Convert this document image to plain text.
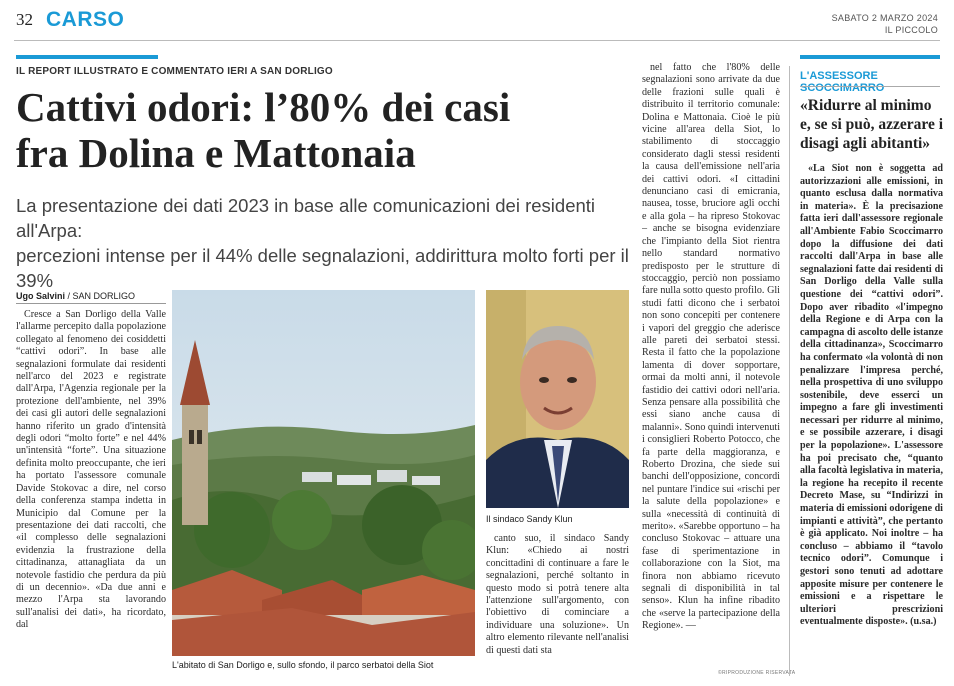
32 CARSO	SABATO 2 MARZO 2024
IL PICCOLO
IL REPORT ILLUSTRATO E COMMENTATO IERI A SAN DORLIGO
Cattivi odori: l’80% dei casi
fra Dolina e Mattonaia
La presentazione dei dati 2023 in base alle comunicazioni dei residenti all'Arpa:
percezioni intense per il 44% delle segnalazioni, addirittura molto forti per il 39%
Ugo Salvini / SAN DORLIGO

Cresce a San Dorligo della Valle l'allarme percepito dalla popolazione collegato al fenomeno dei cosiddetti “cattivi odori”. In base alle segnalazioni formulate dai residenti nell'arco del 2023 e registrate dall'Arpa, l'Agenzia regionale per la protezione dell'ambiente, nel 39% dei casi gli autori delle segnalazioni hanno riferito un grado d'intensità degli odori “molto forte” e nel 44% un'intensità “forte”. Una situazione definita molto preoccupante, che ieri ha portato l'assessore comunale Davide Stokovac a dire, nel corso della conferenza stampa indetta in Municipio dal Comune per la presentazione dei dati raccolti, che «il complesso delle segnalazioni evidenzia la frustrazione della cittadinanza, attanagliata da un notevole fastidio che perdura da più di un decennio». «Da due anni e mezzo l'Arpa sta lavorando sull'analisi dei dati», ha ricordato, dal

L'abitato di San Dorligo e, sullo sfondo, il parco serbatoi della Siot
Il sindaco Sandy Klun

canto suo, il sindaco Sandy Klun: «Chiedo ai nostri concittadini di continuare a fare le segnalazioni, perché soltanto in questo modo si potrà tenere alta l'attenzione sull'argomento, con l'obiettivo di cominciare a individuare una soluzione». Un altro elemento rilevante nell'analisi di questi dati sta

nel fatto che l'80% delle segnalazioni sono arrivate da due delle frazioni sulle quali è distribuito il territorio comunale: Dolina e Mattonaia. Cioè le più vicine all'area della Siot, lo stabilimento di stoccaggio considerato dagli stessi residenti la causa dell'emissione nell'aria dei cattivi odori. «I cittadini denunciano casi di emicrania, nausea, tosse, bruciore agli occhi e alla gola – ha ripreso Stokovac – anche se bisogna evidenziare che l'impianto della Siot rientra nello standard normativo predisposto per le strutture di stoccaggio, perciò non possiamo fare nulla sotto questo profilo. Gli studi fatti dicono che i serbatoi non sono concepiti per contenere i vapori del greggio che aderisce alle pareti dei serbatoi stessi. Resta il fatto che la popolazione lamenta di dover sopportare, ormai da molti anni, il notevole fastidio dei cattivi odori nell'aria. Senza pensare alla possibilità che essi siano anche causa di malanni». Sono quindi intervenuti i consiglieri Roberto Potocco, che fa parte della maggioranza, e Roberto Drozina, che siede sui banchi dell'opposizione, concordi nel puntare l'indice sui «rischi per la salute della popolazione» e sulla «necessità di continuità di merito». «Sarebbe opportuno – ha concluso Stokovac – attuare una fase di sperimentazione in collaborazione con la Siot, ma finora non abbiamo ricevuto segnali di disponibilità in tal senso». Klun ha infine ribadito che «serve la partecipazione della Regione». —

©RIPRODUZIONE RISERVATA
L'ASSESSORE SCOCCIMARRO
«Ridurre al minimo e, se si può, azzerare i disagi agli abitanti»

«La Siot non è soggetta ad autorizzazioni alle emissioni, in quanto esclusa dalla normativa in materia». È la precisazione fatta ieri dall'assessore regionale all'Ambiente Fabio Scoccimarro dopo la diffusione dei dati raccolti dall'Arpa in base alle segnalazioni fatte dai residenti di San Dorligo della Valle sulla questione dei “cattivi odori”. Dopo aver ribadito «l'impegno della Regione e di Arpa con la campagna di ascolto delle istanze della cittadinanza», Scoccimarro ha confermato «la volontà di non penalizzare l'impresa perché, nella prospettiva di uno sviluppo sostenibile, deve esserci un impegno a fare gli investimenti necessari per ridurre al minimo, e se possibile azzerare, i disagi per la popolazione». L'assessore ha poi precisato che, “quanto alla facoltà legislativa in materia, la regione ha recepito il recente Decreto Mase, su “Indirizzi in materia di emissioni odorigene di impianti e attività”, che pertanto è già applicato. Noi inoltre – ha concluso – abbiamo il “tavolo tecnico odori”. Comunque i gestori sono tenuti ad adottare apposite misure per contenere le emissioni e a rispettare le ulteriori prescrizioni eventualmente disposte». (u.sa.)
